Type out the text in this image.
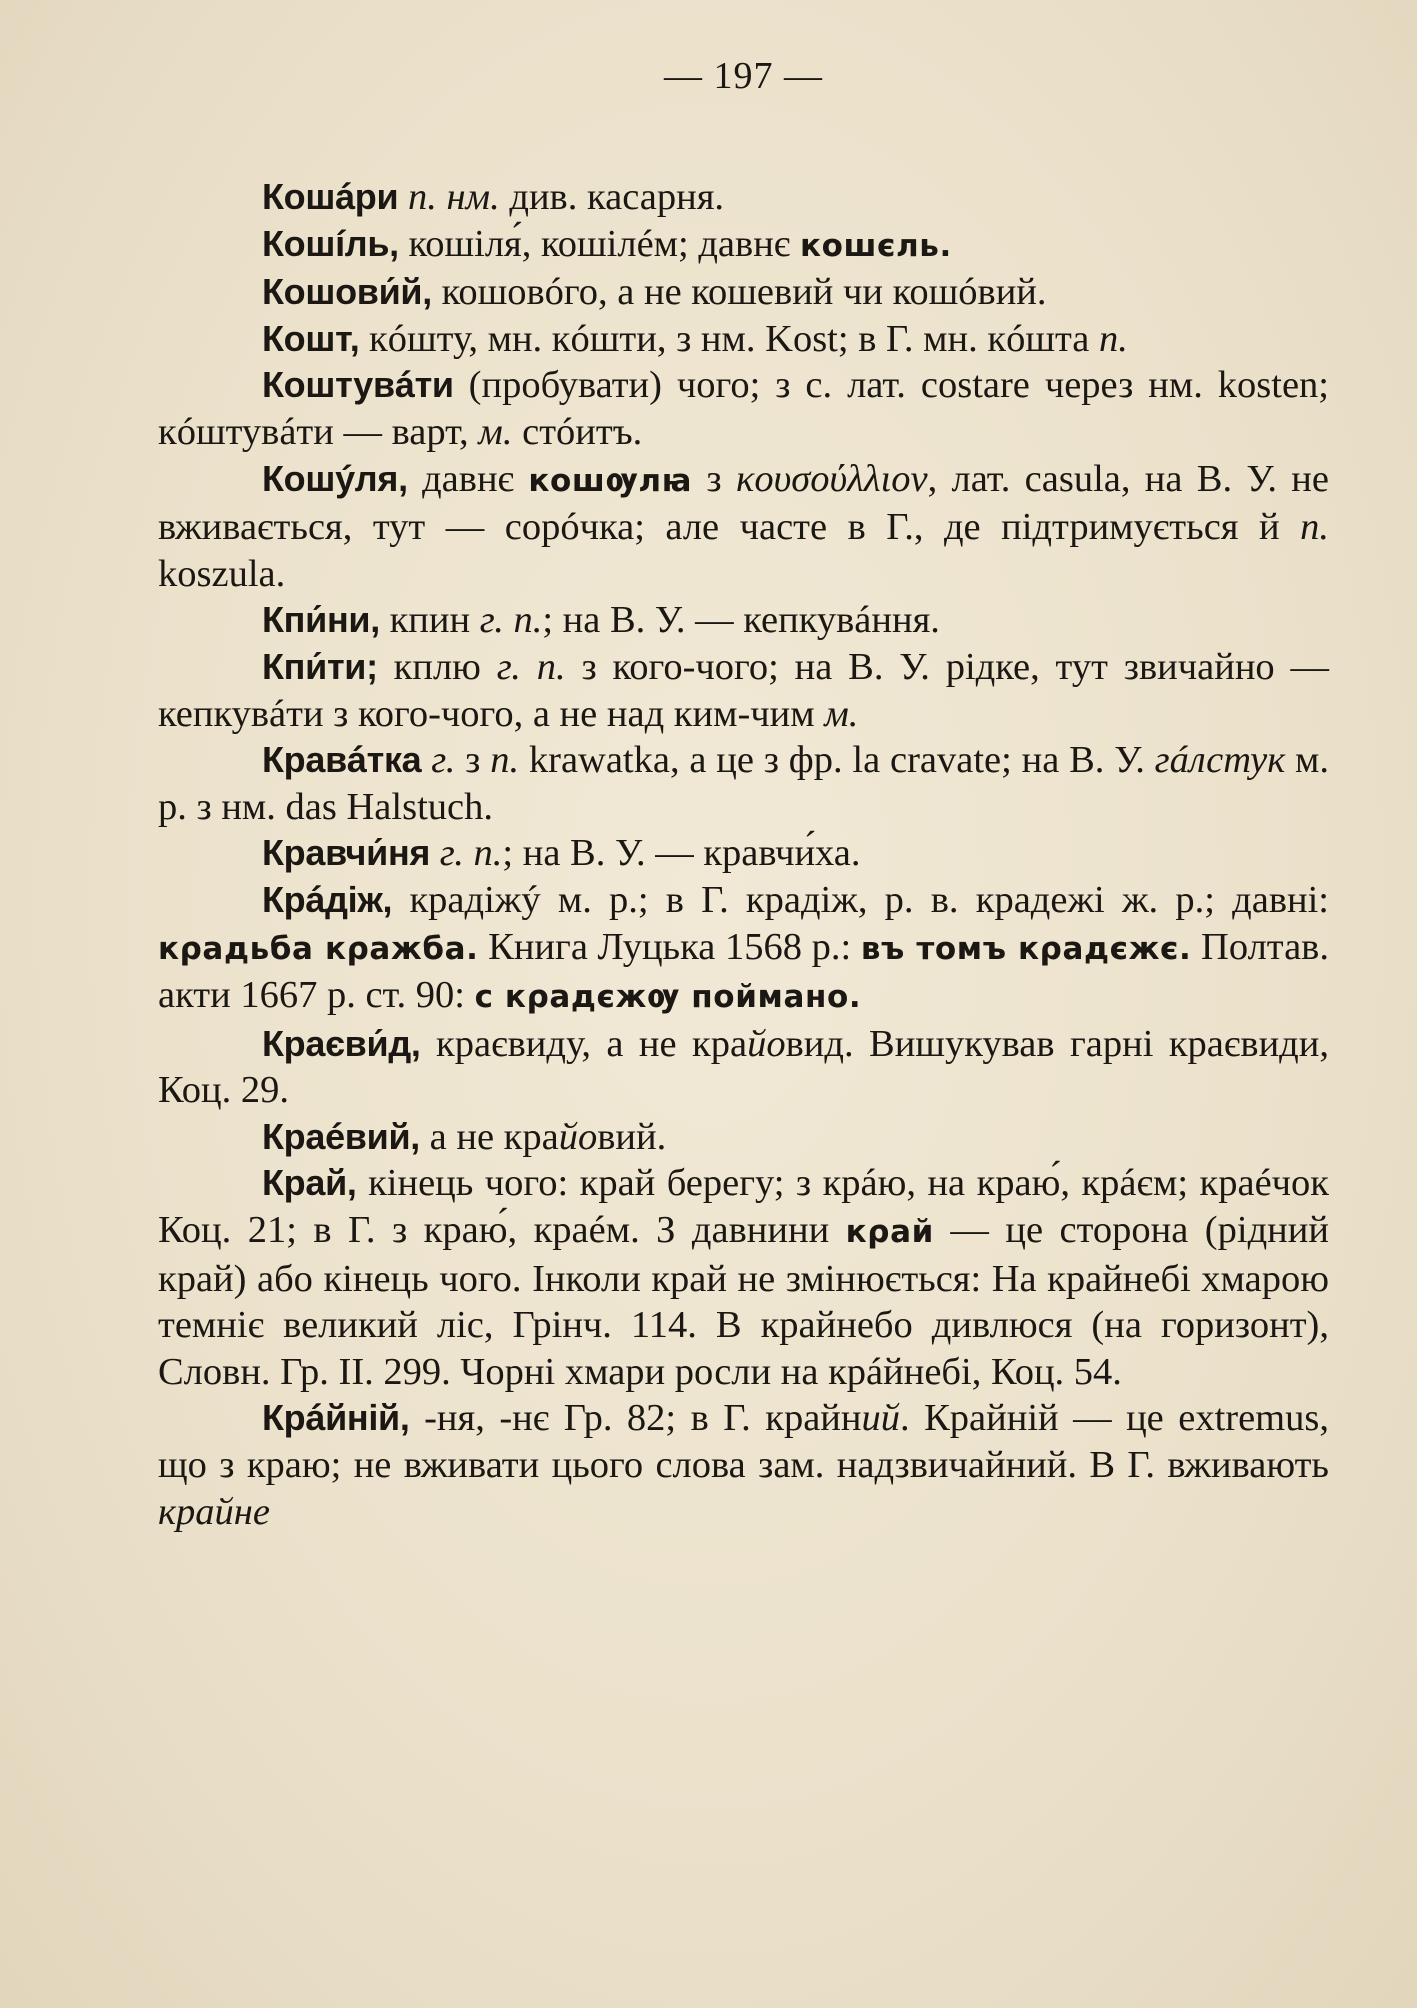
— 197 —

Кошáри п. нм. див. касарня.

Кошíль, кошіля́, кошілéм; давнє кошєль.

Кошови́й, кошовóго, а не кошевий чи кошóвий.

Кошт, кóшту, мн. кóшти, з нм. Kost; в Г. мн. кóшта п.

Коштувáти (пробувати) чого; з с. лат. costare через нм. kosten; кóштувáти — варт, м. стóитъ.

Кошýля, давнє кошѹлꙗ з κουσούλλιον, лат. casula, на В. У. не вживається, тут — сорóчка; але часте в Г., де підтримується й п. koszula.

Кпи́ни, кпин г. п.; на В. У. — кепкувáння.

Кпи́ти; кплю г. п. з кого-чого; на В. У. рідке, тут звичайно — кепкувáти з кого-чого, а не над ким-чим м.

Кравáтка г. з п. krawatka, а це з фр. la cravate; на В. У. гáлстук м. р. з нм. das Halstuch.

Кравчи́ня г. п.; на В. У. — кравчи́ха.

Крáдіж, крадіжý м. р.; в Г. крадіж, р. в. крадежі ж. р.; давні: кρадьба кρажба. Книга Луцька 1568 р.: въ томъ кρадєжє. Полтав. акти 1667 р. ст. 90: с кρадєжѹ поймано.

Краєви́д, краєвиду, а не крайовид. Вишукував гарні краєвиди, Коц. 29.

Краéвий, а не крайовий.

Край, кінець чого: край берегу; з крáю, на краю́, крáєм; краéчок Коц. 21; в Г. з краю́, краéм. З давнини кρай — це сторона (рідний край) або кінець чого. Інколи край не змінюється: На крайнебі хмарою темніє великий ліс, Грінч. 114. В крайнебо дивлюся (на горизонт), Словн. Гр. II. 299. Чорні хмари росли на крáйнебі, Коц. 54.

Крáйній, -ня, -нє Гр. 82; в Г. крайний. Крайній — це extremus, що з краю; не вживати цього слова зам. надзвичайний. В Г. вживають крайне
